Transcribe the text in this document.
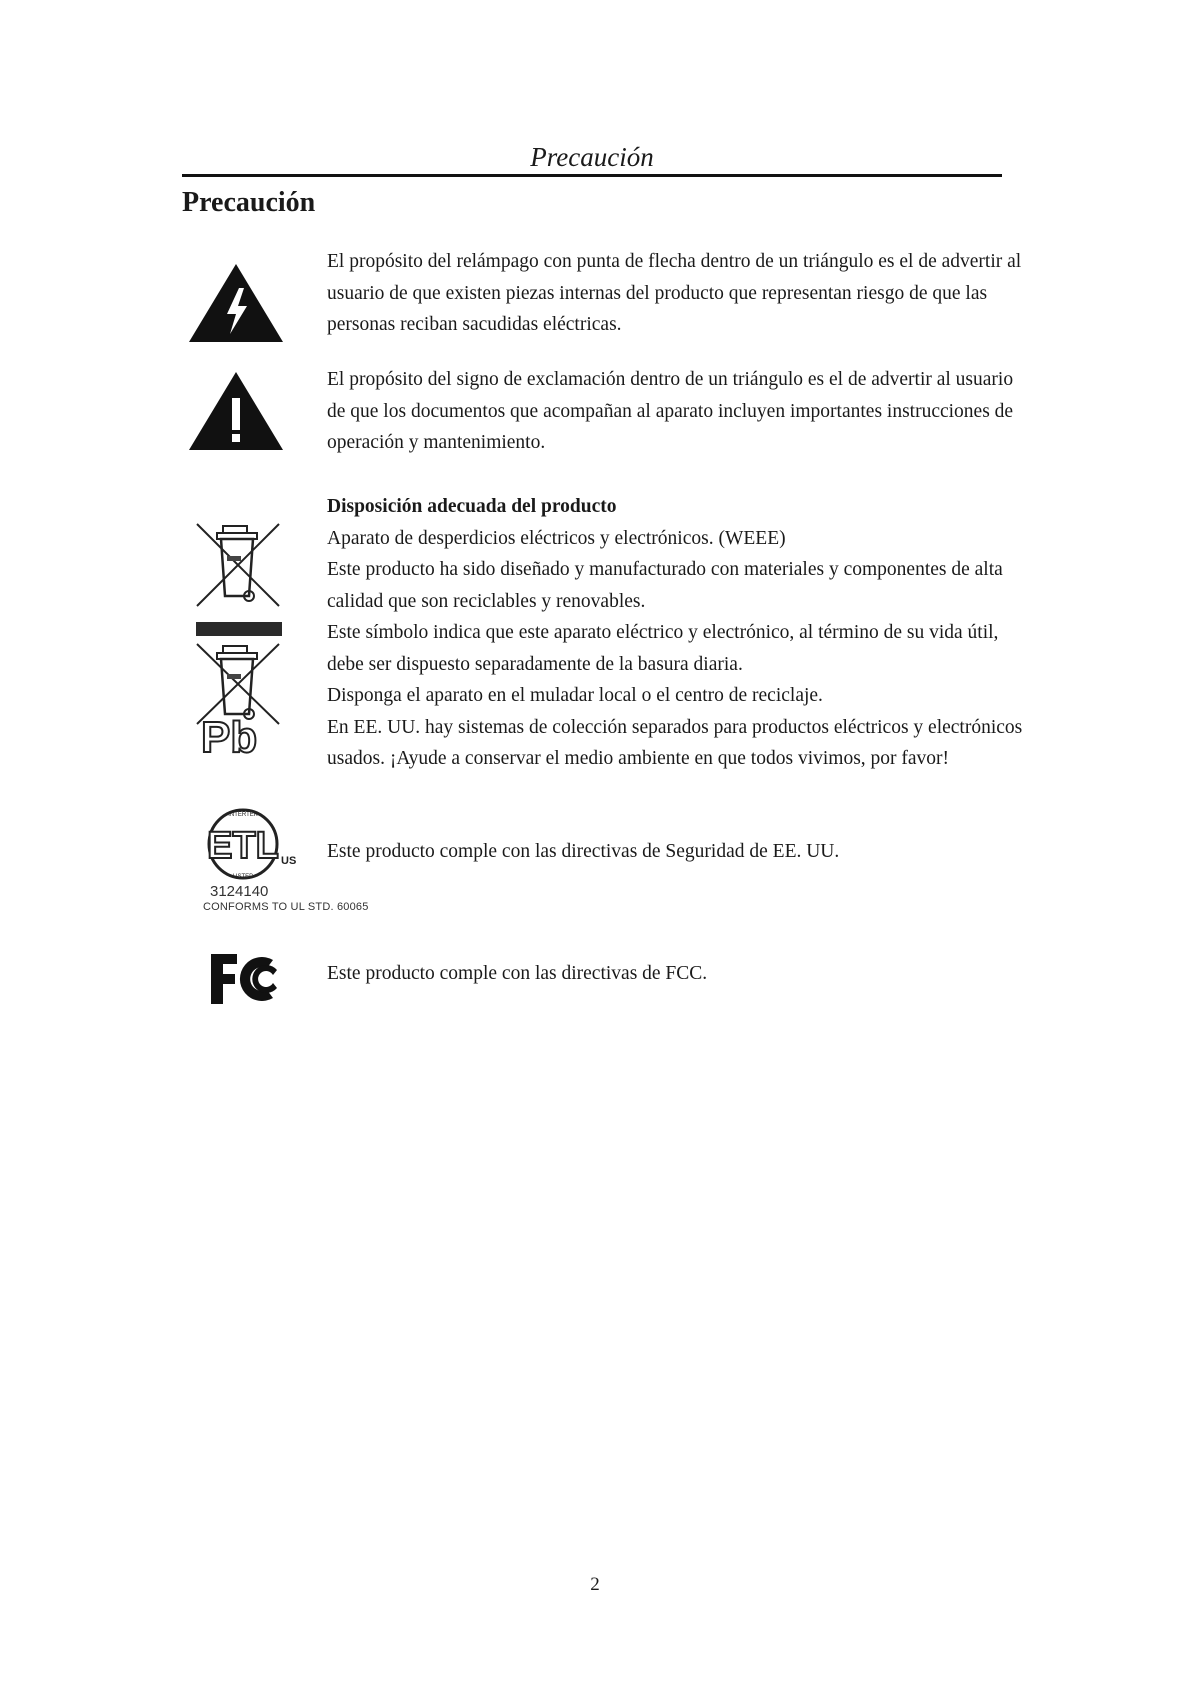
Precaución
Precaución
El propósito del relámpago con punta de flecha dentro de un triángulo es el de advertir al usuario de que existen piezas internas del producto que representan riesgo de que las personas reciban sacudidas eléctricas.
El propósito del signo de exclamación dentro de un triángulo es el de advertir al usuario de que los documentos que acompañan al aparato incluyen importantes instrucciones de operación y mantenimiento.
Pb

Disposición adecuada del producto

Aparato de desperdicios eléctricos y electrónicos. (WEEE)

Este producto ha sido diseñado y manufacturado con materiales y componentes de alta calidad que son reciclables y renovables.

Este símbolo indica que este aparato eléctrico y electrónico, al término de su vida útil, debe ser dispuesto separadamente de la basura diaria.

Disponga el aparato en el muladar local o el centro de reciclaje.

En EE. UU. hay sistemas de colección separados para productos eléctricos y electrónicos usados. ¡Ayude a conservar el medio ambiente en que todos vivimos, por favor!

ETL
INTERTEK
LISTED
US
3124140
CONFORMS TO UL STD. 60065
Este producto comple con las directivas de Seguridad de EE. UU.
Este producto comple con las directivas de FCC.
2
